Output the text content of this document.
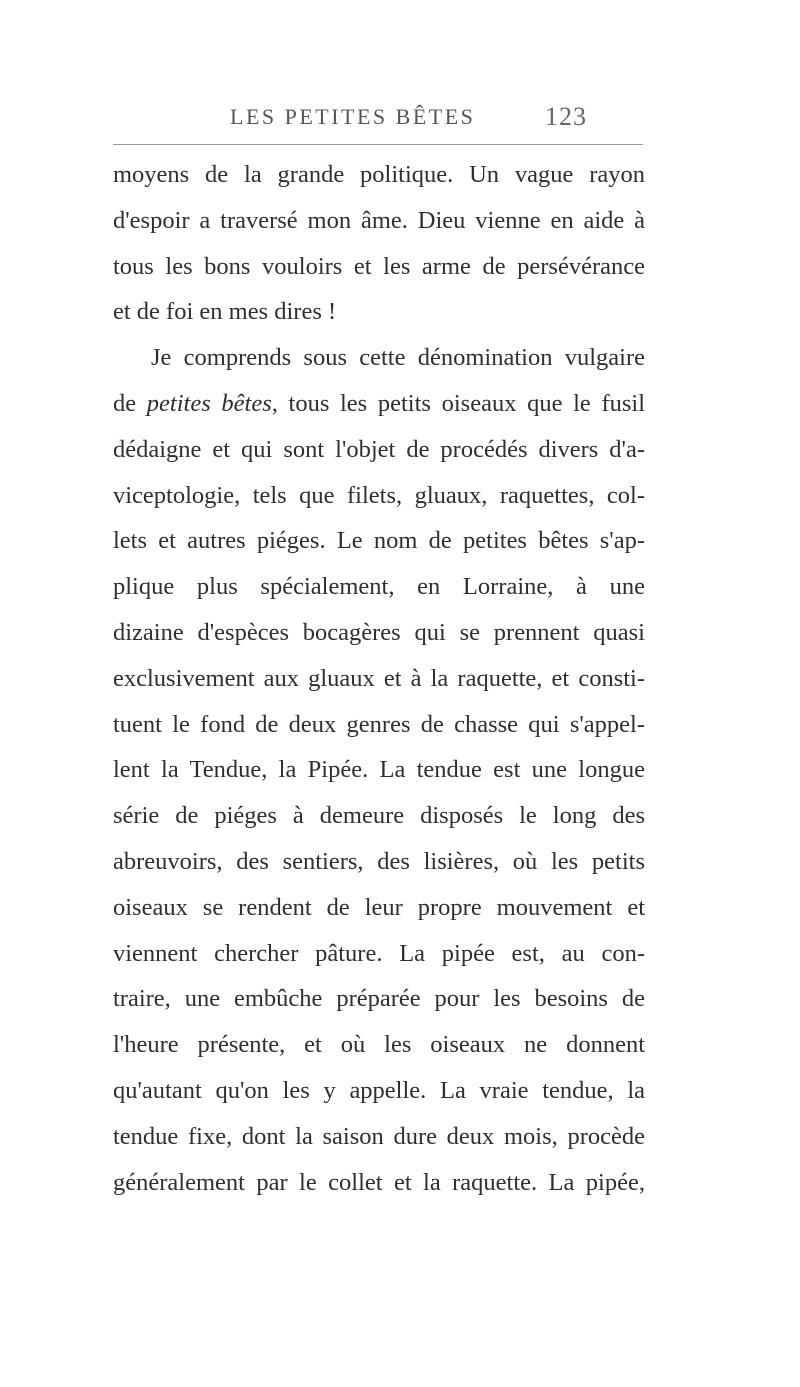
LES PETITES BÊTES	123
moyens de la grande politique. Un vague rayon
d'espoir a traversé mon âme. Dieu vienne en aide à
tous les bons vouloirs et les arme de persévérance
et de foi en mes dires !
Je comprends sous cette dénomination vulgaire
de petites bêtes, tous les petits oiseaux que le fusil
dédaigne et qui sont l'objet de procédés divers d'a-
viceptologie, tels que filets, gluaux, raquettes, col-
lets et autres piéges. Le nom de petites bêtes s'ap-
plique plus spécialement, en Lorraine, à une
dizaine d'espèces bocagères qui se prennent quasi
exclusivement aux gluaux et à la raquette, et consti-
tuent le fond de deux genres de chasse qui s'appel-
lent la Tendue, la Pipée. La tendue est une longue
série de piéges à demeure disposés le long des
abreuvoirs, des sentiers, des lisières, où les petits
oiseaux se rendent de leur propre mouvement et
viennent chercher pâture. La pipée est, au con-
traire, une embûche préparée pour les besoins de
l'heure présente, et où les oiseaux ne donnent
qu'autant qu'on les y appelle. La vraie tendue, la
tendue fixe, dont la saison dure deux mois, procède
généralement par le collet et la raquette. La pipée,
